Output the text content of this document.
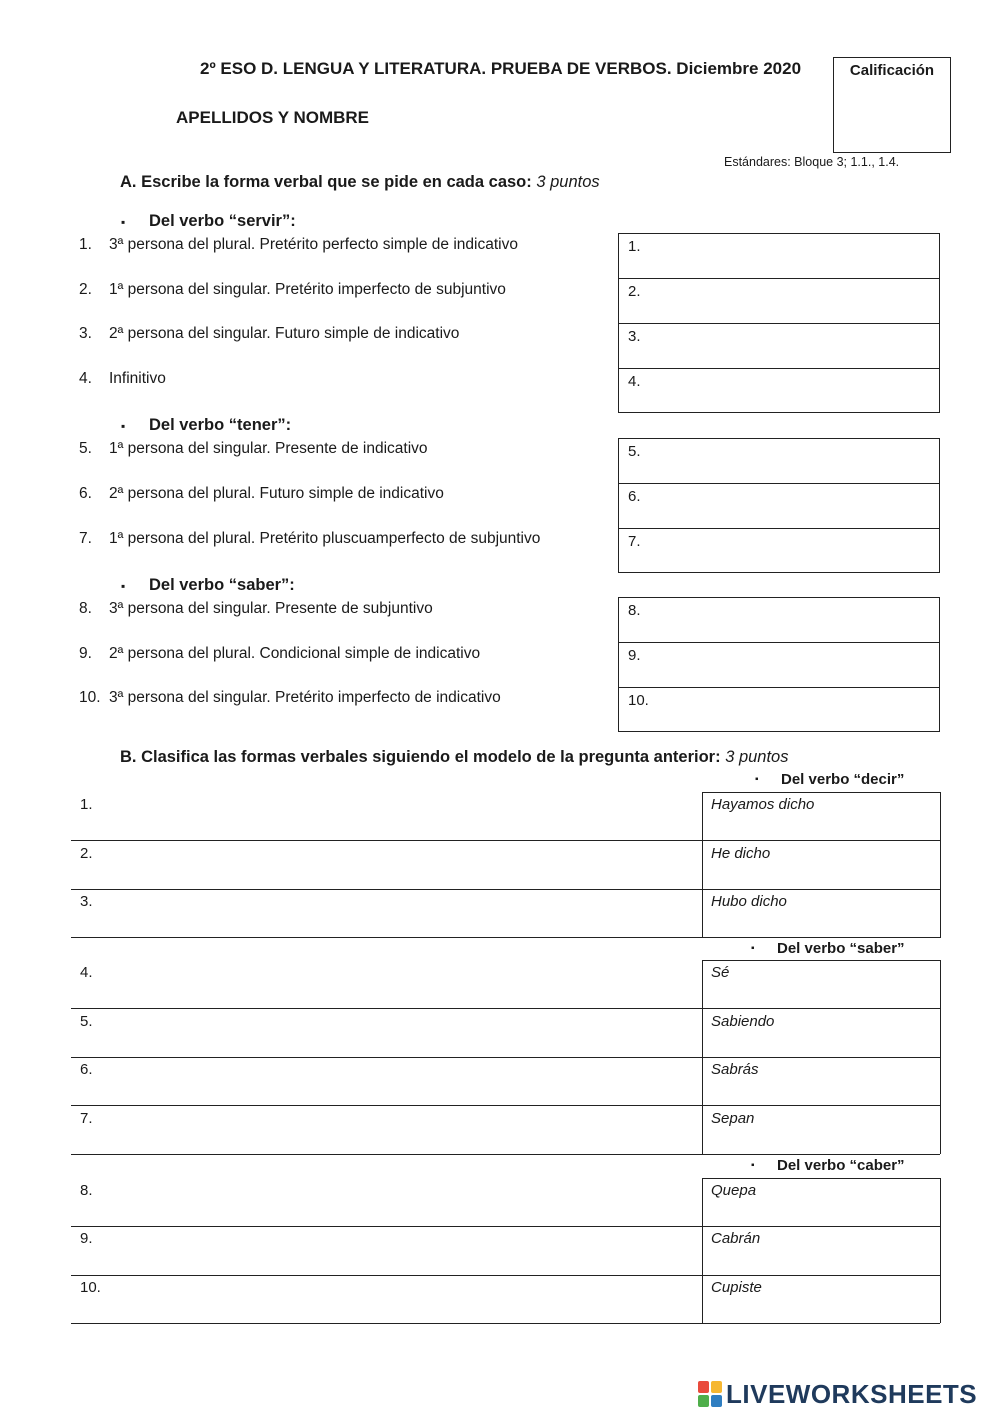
2º ESO D. LENGUA Y LITERATURA. PRUEBA DE VERBOS. Diciembre 2020
APELLIDOS Y NOMBRE
Calificación
Estándares: Bloque 3; 1.1., 1.4.
A. Escribe la forma verbal que se pide en cada caso: 3 puntos
▪ Del verbo “servir”:
1. 3ª persona del plural. Pretérito perfecto simple de indicativo	1.
2. 1ª persona del singular. Pretérito imperfecto de subjuntivo	2.
3. 2ª persona del singular. Futuro simple de indicativo	3.
4. Infinitivo	4.
▪ Del verbo “tener”:
5. 1ª persona del singular. Presente de indicativo	5.
6. 2ª persona del plural. Futuro simple de indicativo	6.
7. 1ª persona del plural. Pretérito pluscuamperfecto de subjuntivo	7.
▪ Del verbo “saber”:
8. 3ª persona del singular. Presente de subjuntivo	8.
9. 2ª persona del plural. Condicional simple de indicativo	9.
10. 3ª persona del singular. Pretérito imperfecto de indicativo	10.
B. Clasifica las formas verbales siguiendo el modelo de la pregunta anterior: 3 puntos
▪ Del verbo “decir”
1.	Hayamos dicho
2.	He dicho
3.	Hubo dicho
▪ Del verbo “saber”
4.	Sé
5.	Sabiendo
6.	Sabrás
7.	Sepan
▪ Del verbo “caber”
8.	Quepa
9.	Cabrán
10.	Cupiste
LIVEWORKSHEETS
